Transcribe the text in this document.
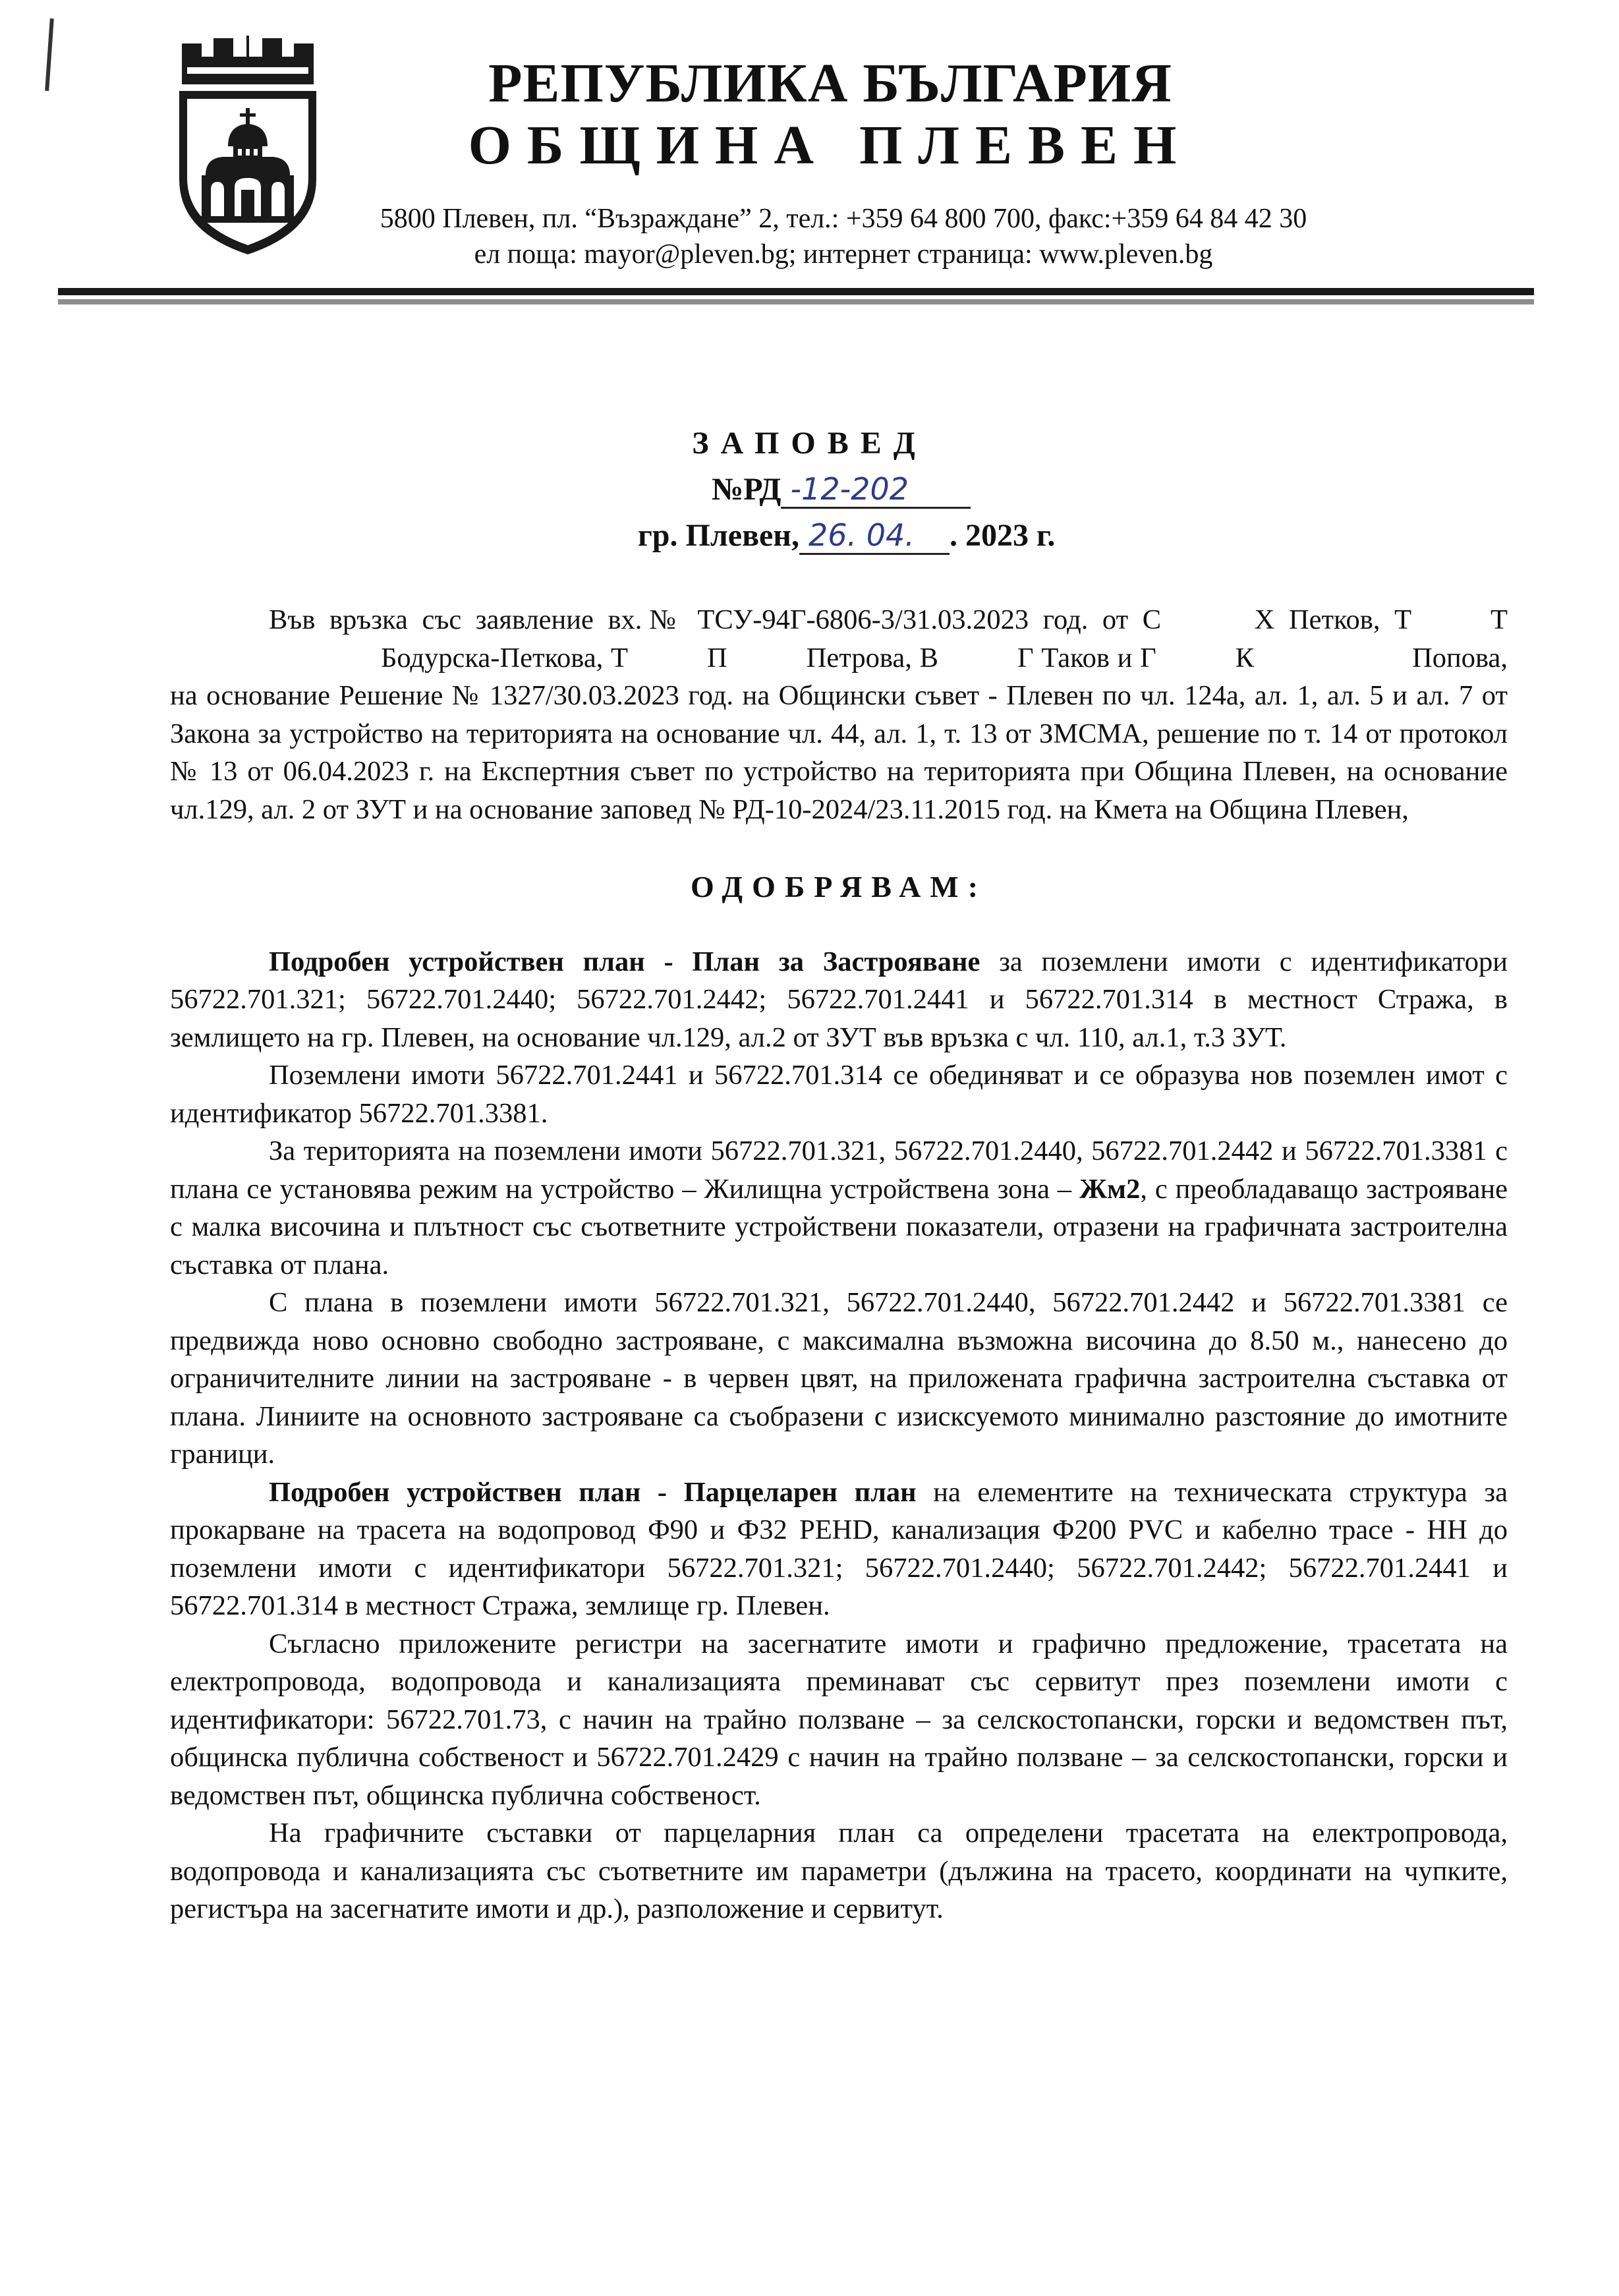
РЕПУБЛИКА БЪЛГАРИЯ
ОБЩИНА ПЛЕВЕН
5800 Плевен, пл. “Възраждане” 2, тел.: +359 64 800 700, факс:+359 64 84 42 30
ел поща: mayor@pleven.bg; интернет страница: www.pleven.bg
ЗАПОВЕД
№РД -12-202
гр. Плевен, 26. 04. . 2023 г.

Във връзка със заявление вх.№ ТСУ-94Г-6806-3/31.03.2023 год. от С	Х Петков, Т	ТБодурска-Петкова, Т	П	Петрова, В	Г Таков и Г	К	Попова, на основание Решение № 1327/30.03.2023 год. на Общински съвет - Плевен по чл. 124а, ал. 1, ал. 5 и ал. 7 от Закона за устройство на територията на основание чл. 44, ал. 1, т. 13 от ЗМСМА, решение по т. 14 от протокол № 13 от 06.04.2023 г. на Експертния съвет по устройство на територията при Община Плевен, на основание чл.129, ал. 2 от ЗУТ и на основание заповед № РД-10-2024/23.11.2015 год. на Кмета на Община Плевен,

ОДОБРЯВАМ:

Подробен устройствен план - План за Застрояване за поземлени имоти с идентификатори 56722.701.321; 56722.701.2440; 56722.701.2442; 56722.701.2441 и 56722.701.314 в местност Стража, в землището на гр. Плевен, на основание чл.129, ал.2 от ЗУТ във връзка с чл. 110, ал.1, т.3 ЗУТ.

Поземлени имоти 56722.701.2441 и 56722.701.314 се обединяват и се образува нов поземлен имот с идентификатор 56722.701.3381.

За територията на поземлени имоти 56722.701.321, 56722.701.2440, 56722.701.2442 и 56722.701.3381 с плана се установява режим на устройство – Жилищна устройствена зона – Жм2, с преобладаващо застрояване с малка височина и плътност със съответните устройствени показатели, отразени на графичната застроителна съставка от плана.

С плана в поземлени имоти 56722.701.321, 56722.701.2440, 56722.701.2442 и 56722.701.3381 се предвижда ново основно свободно застрояване, с максимална възможна височина до 8.50 м., нанесено до ограничителните линии на застрояване - в червен цвят, на приложената графична застроителна съставка от плана. Линиите на основното застрояване са съобразени с изисксуемото минимално разстояние до имотните граници.

Подробен устройствен план - Парцеларен план на елементите на техническата структура за прокарване на трасета на водопровод Ф90 и Ф32 PEHD, канализация Ф200 PVC и кабелно трасе - НН до поземлени имоти с идентификатори 56722.701.321; 56722.701.2440; 56722.701.2442; 56722.701.2441 и 56722.701.314 в местност Стража, землище гр. Плевен.

Съгласно приложените регистри на засегнатите имоти и графично предложение, трасетата на електропровода, водопровода и канализацията преминават със сервитут през поземлени имоти с идентификатори: 56722.701.73, с начин на трайно ползване – за селскостопански, горски и ведомствен път, общинска публична собственост и 56722.701.2429 с начин на трайно ползване – за селскостопански, горски и ведомствен път, общинска публична собственост.

На графичните съставки от парцеларния план са определени трасетата на електропровода, водопровода и канализацията със съответните им параметри (дължина на трасето, координати на чупките, регистъра на засегнатите имоти и др.), разположение и сервитут.
